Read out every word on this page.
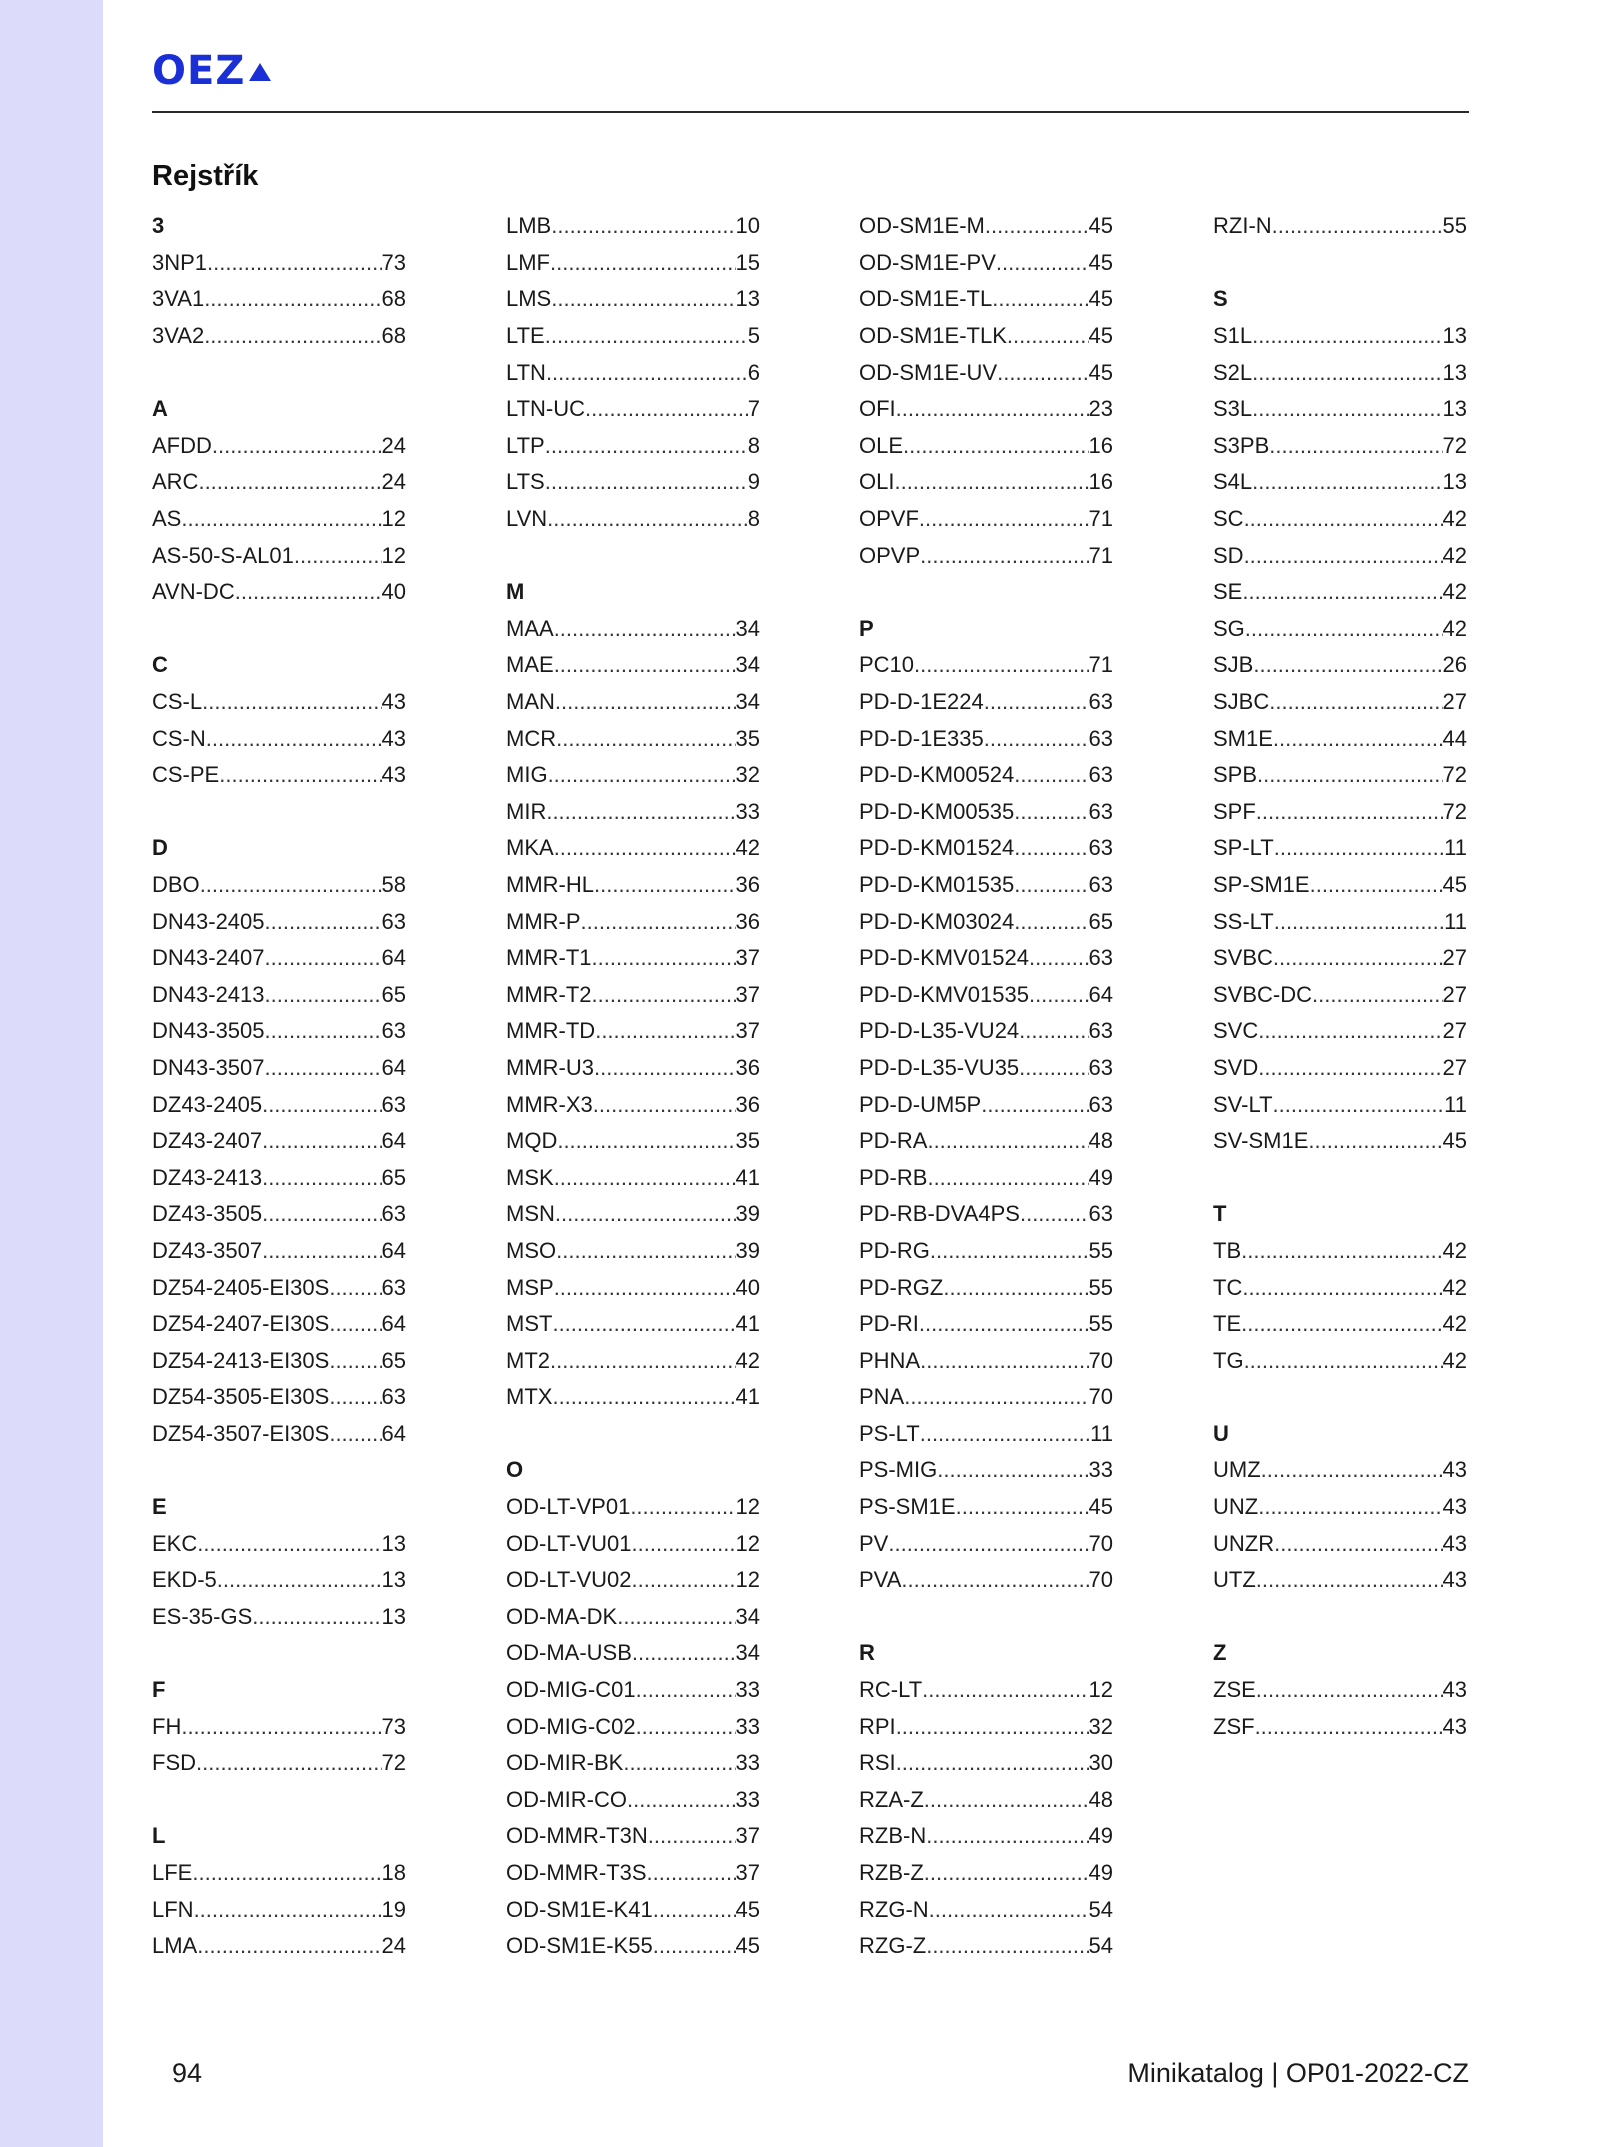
OEZ
Rejstřík
3
3NP1 .....	73
3VA1 .....	68
3VA2 .....	68
A
AFDD .....	24
ARC .....	24
AS .....	12
AS-50-S-AL01 .....	12
AVN-DC .....	40
C
CS-L .....	43
CS-N .....	43
CS-PE .....	43
D
DBO .....	58
DN43-2405 .....	63
DN43-2407 .....	64
DN43-2413 .....	65
DN43-3505 .....	63
DN43-3507 .....	64
DZ43-2405 .....	63
DZ43-2407 .....	64
DZ43-2413 .....	65
DZ43-3505 .....	63
DZ43-3507 .....	64
DZ54-2405-EI30S ..... 63
DZ54-2407-EI30S ..... 64
DZ54-2413-EI30S ..... 65
DZ54-3505-EI30S ..... 63
DZ54-3507-EI30S ..... 64
E
EKC .....	13
EKD-5 .....	13
ES-35-GS .....	13
F
FH .....	73
FSD .....	72
L
LFE .....	18
LFN .....	19
LMA .....	24
LMB .....	10
LMF .....	15
LMS .....	13
LTE .....	5
LTN .....	6
LTN-UC .....	7
LTP .....	8
LTS .....	9
LVN .....	8
M
MAA .....	34
MAE .....	34
MAN .....	34
MCR .....	35
MIG .....	32
MIR .....	33
MKA .....	42
MMR-HL .....	36
MMR-P .....	36
MMR-T1 .....	37
MMR-T2 .....	37
MMR-TD .....	37
MMR-U3 .....	36
MMR-X3 .....	36
MQD .....	35
MSK .....	41
MSN .....	39
MSO .....	39
MSP .....	40
MST .....	41
MT2 .....	42
MTX .....	41
O
OD-LT-VP01 .....	12
OD-LT-VU01 .....	12
OD-LT-VU02 .....	12
OD-MA-DK .....	34
OD-MA-USB .....	34
OD-MIG-C01 .....	33
OD-MIG-C02 .....	33
OD-MIR-BK .....	33
OD-MIR-CO .....	33
OD-MMR-T3N .....	37
OD-MMR-T3S .....	37
OD-SM1E-K41 .....	45
OD-SM1E-K55 .....	45
OD-SM1E-M .....	45
OD-SM1E-PV .....	45
OD-SM1E-TL .....	45
OD-SM1E-TLK .....	45
OD-SM1E-UV .....	45
OFI .....	23
OLE .....	16
OLI .....	16
OPVF .....	71
OPVP .....	71
P
PC10 .....	71
PD-D-1E224 .....	63
PD-D-1E335 .....	63
PD-D-KM00524 .....	63
PD-D-KM00535 .....	63
PD-D-KM01524 .....	63
PD-D-KM01535 .....	63
PD-D-KM03024 .....	65
PD-D-KMV01524 .....	63
PD-D-KMV01535 .....	64
PD-D-L35-VU24 .....	63
PD-D-L35-VU35 .....	63
PD-D-UM5P .....	63
PD-RA .....	48
PD-RB .....	49
PD-RB-DVA4PS .....	63
PD-RG .....	55
PD-RGZ .....	55
PD-RI .....	55
PHNA .....	70
PNA .....	70
PS-LT .....	11
PS-MIG .....	33
PS-SM1E .....	45
PV .....	70
PVA .....	70
R
RC-LT .....	12
RPI .....	32
RSI .....	30
RZA-Z .....	48
RZB-N .....	49
RZB-Z .....	49
RZG-N .....	54
RZG-Z .....	54
RZI-N .....	55
S
S1L .....	13
S2L .....	13
S3L .....	13
S3PB .....	72
S4L .....	13
SC .....	42
SD .....	42
SE .....	42
SG .....	42
SJB .....	26
SJBC .....	27
SM1E .....	44
SPB .....	72
SPF .....	72
SP-LT .....	11
SP-SM1E .....	45
SS-LT .....	11
SVBC .....	27
SVBC-DC .....	27
SVC .....	27
SVD .....	27
SV-LT .....	11
SV-SM1E .....	45
T
TB .....	42
TC .....	42
TE .....	42
TG .....	42
U
UMZ .....	43
UNZ .....	43
UNZR .....	43
UTZ .....	43
Z
ZSE .....	43
ZSF .....	43
94	Minikatalog | OP01-2022-CZ
